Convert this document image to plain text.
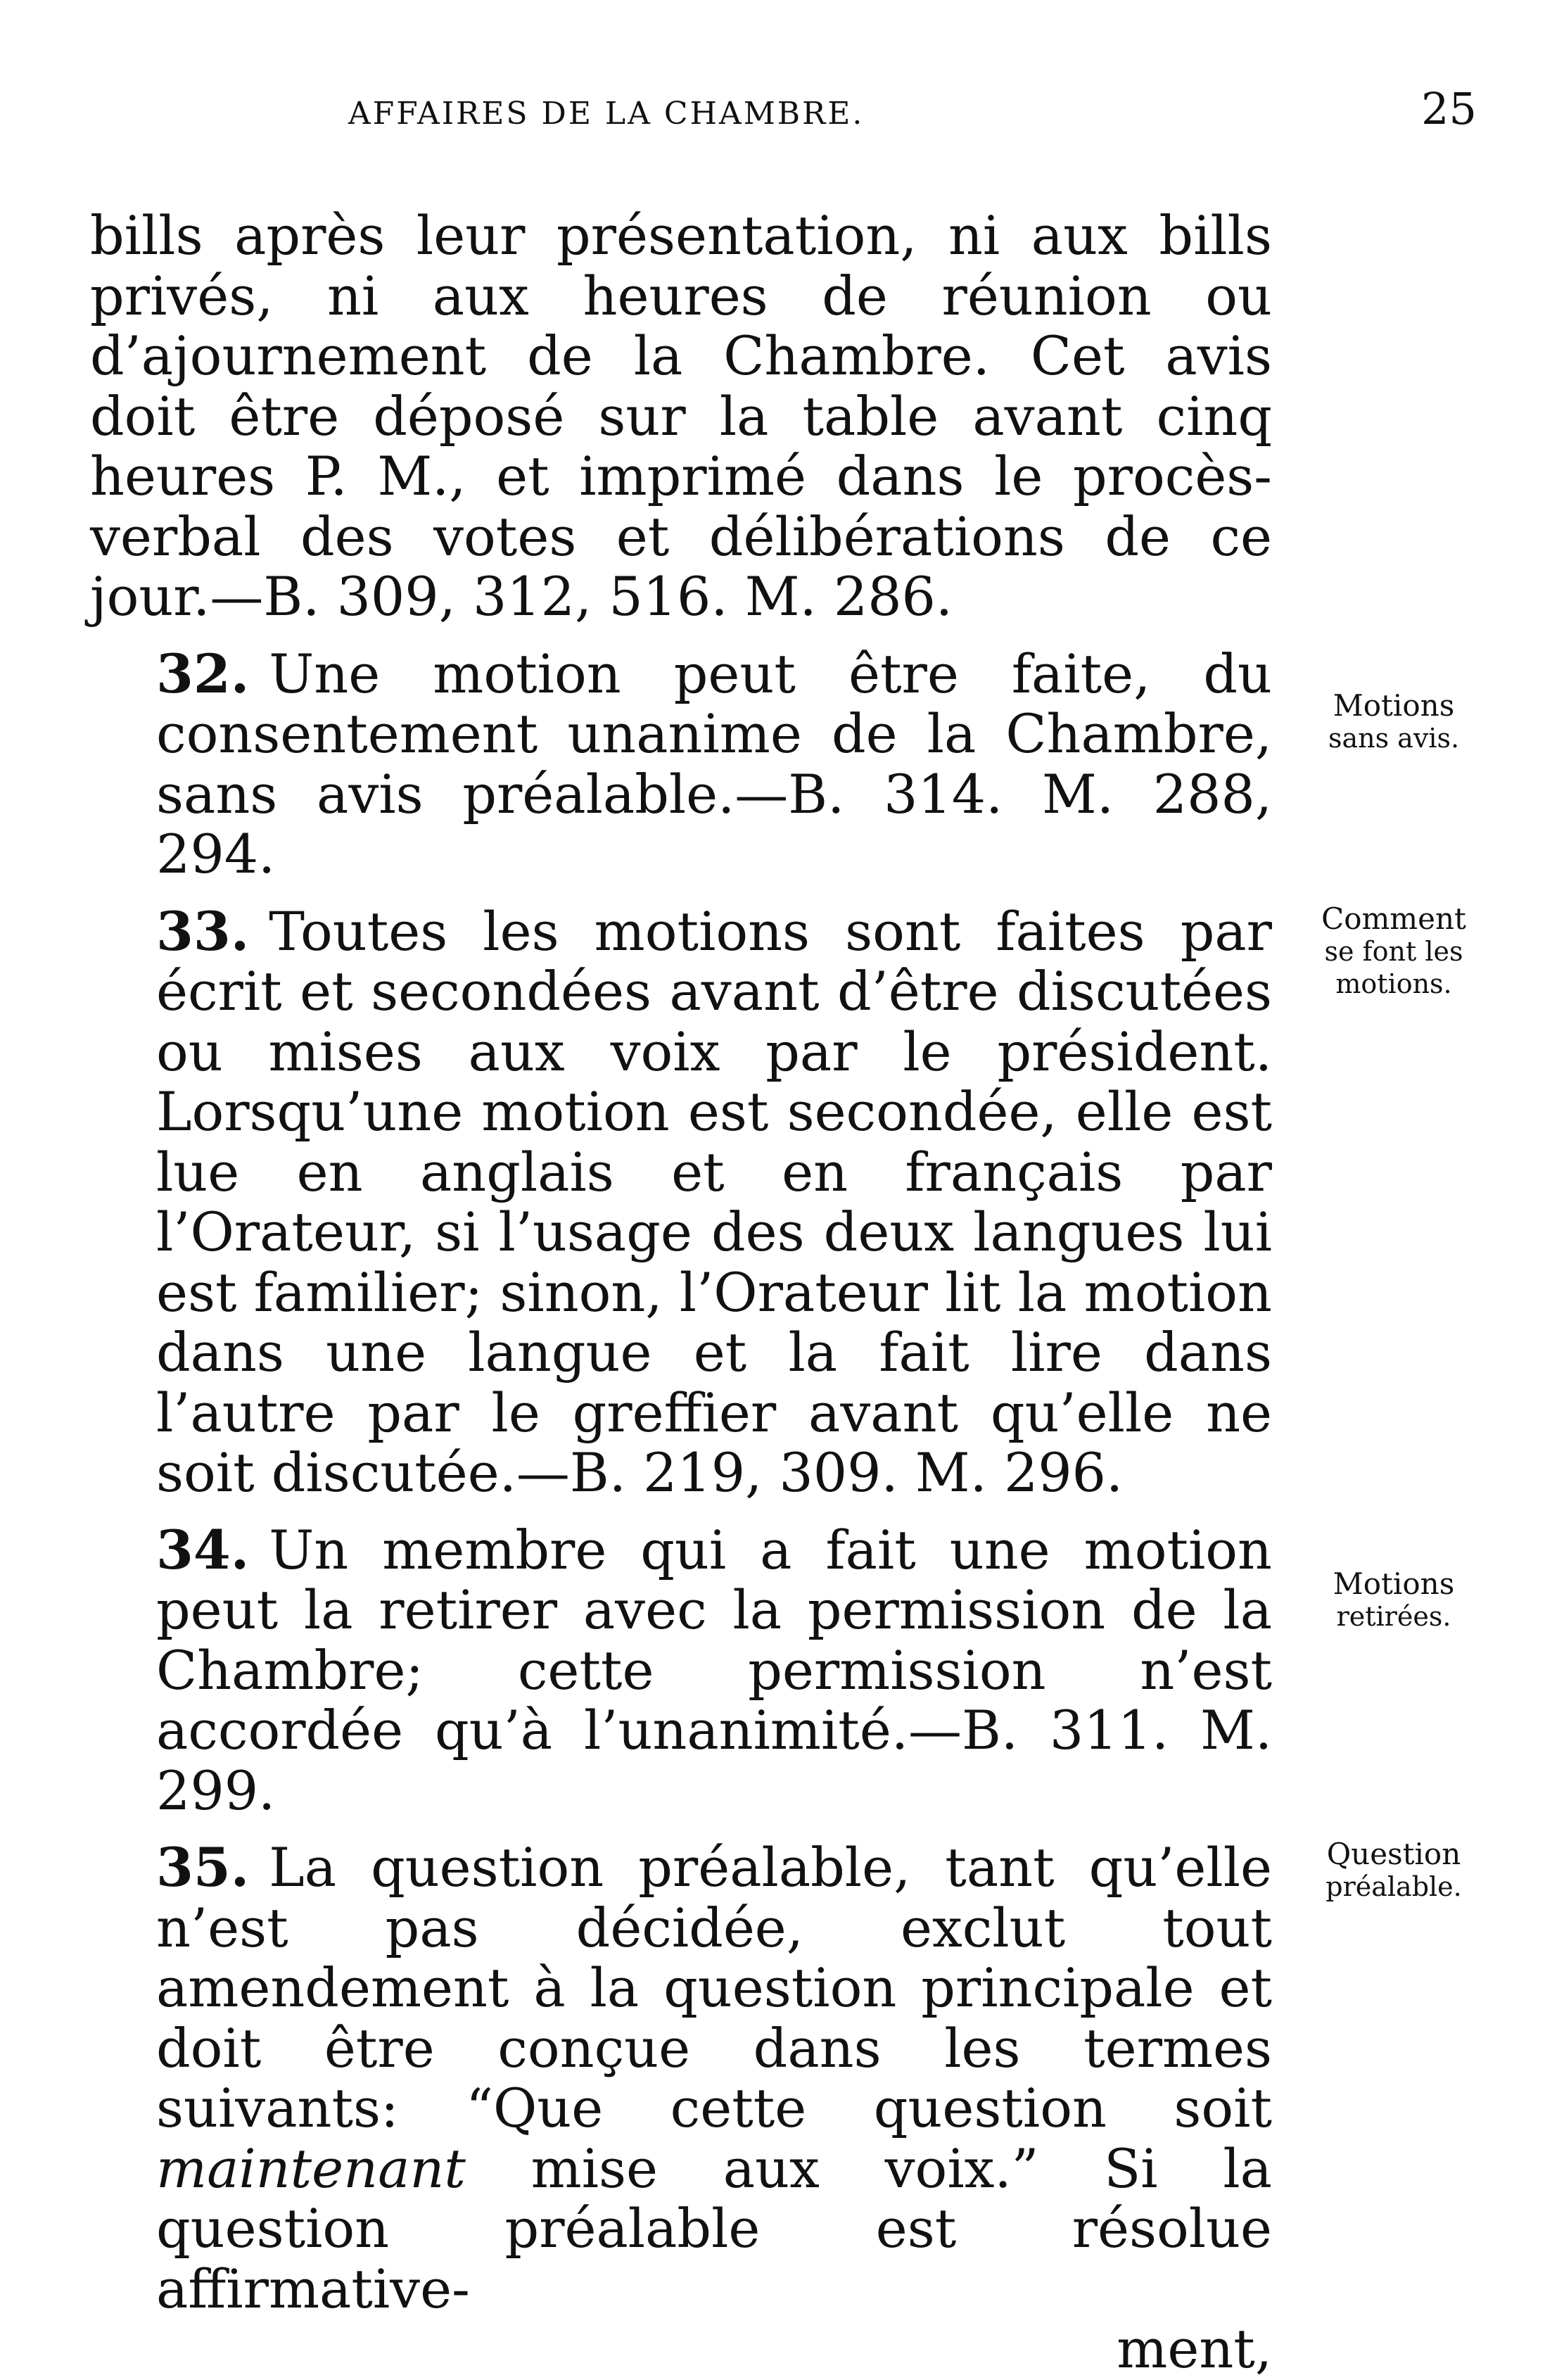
AFFAIRES DE LA CHAMBRE.	25

bills après leur présentation, ni aux bills privés, ni aux heures de réunion ou d’ajournement de la Chambre. Cet avis doit être déposé sur la table avant cinq heures P. M., et imprimé dans le procès-verbal des votes et délibérations de ce jour.—B. 309, 312, 516. M. 286.

32. Une motion peut être faite, du consentement unanime de la Chambre, sans avis préalable.—B. 314. M. 288, 294.

33. Toutes les motions sont faites par écrit et secondées avant d’être discutées ou mises aux voix par le président. Lorsqu’une motion est secondée, elle est lue en anglais et en français par l’Orateur, si l’usage des deux langues lui est familier; sinon, l’Orateur lit la motion dans une langue et la fait lire dans l’autre par le greffier avant qu’elle ne soit discutée.—B. 219, 309. M. 296.

34. Un membre qui a fait une motion peut la retirer avec la permission de la Chambre; cette permission n’est accordée qu’à l’unanimité.—B. 311. M. 299.

35. La question préalable, tant qu’elle n’est pas décidée, exclut tout amendement à la question principale et doit être conçue dans les termes suivants: “Que cette question soit maintenant mise aux voix.” Si la question préalable est résolue affirmative-

ment,

Motions
sans avis.
Comment
se font les
motions.
Motions
retirées.
Question
préalable.
